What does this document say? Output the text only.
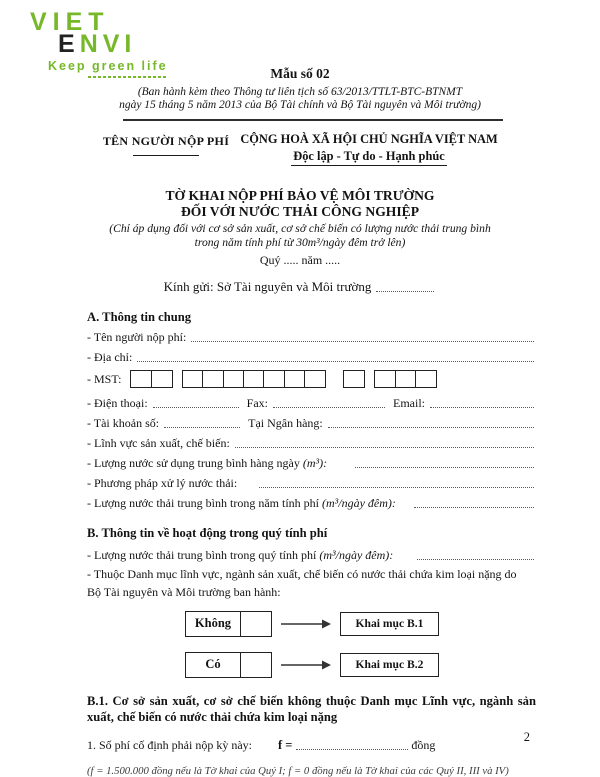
VIET
ENVI
Keep green life	Mẫu số 02
(Ban hành kèm theo Thông tư liên tịch số 63/2013/TTLT-BTC-BTNMT
ngày 15 tháng 5 năm 2013 của Bộ Tài chính và Bộ Tài nguyên và Môi trường)
TÊN NGƯỜI NỘP PHÍ CỘNG HOÀ XÃ HỘI CHỦ NGHĨA VIỆT NAM
Độc lập - Tự do - Hạnh phúc
TỜ KHAI NỘP PHÍ BẢO VỆ MÔI TRƯỜNG
ĐỐI VỚI NƯỚC THẢI CÔNG NGHIỆP
(Chỉ áp dụng đối với cơ sở sản xuất, cơ sở chế biến có lượng nước thải trung bình
trong năm tính phí từ 30m³/ngày đêm trở lên)
Quý ..... năm .....
Kính gửi: Sở Tài nguyên và Môi trường
A. Thông tin chung
- Tên người nộp phí:
- Địa chỉ:
- MST:
- Điện thoại:	Fax:	Email:
- Tài khoản số:	Tại Ngân hàng:
- Lĩnh vực sản xuất, chế biến:
- Lượng nước sử dụng trung bình hàng ngày (m³):
- Phương pháp xử lý nước thải:
- Lượng nước thải trung bình trong năm tính phí (m³/ngày đêm):
B. Thông tin về hoạt động trong quý tính phí
- Lượng nước thải trung bình trong quý tính phí (m³/ngày đêm):
- Thuộc Danh mục lĩnh vực, ngành sản xuất, chế biến có nước thải chứa kim loại nặng do
Bộ Tài nguyên và Môi trường ban hành:
Không	Khai mục B.1
Có	Khai mục B.2
B.1. Cơ sở sản xuất, cơ sở chế biến không thuộc Danh mục Lĩnh vực, ngành sản xuất, chế biến có nước thải chứa kim loại nặng
1. Số phí cố định phải nộp kỳ này: f =	đồng
(f = 1.500.000 đồng nếu là Tờ khai của Quý I; f = 0 đồng nếu là Tờ khai của các Quý II, III và IV)
2
